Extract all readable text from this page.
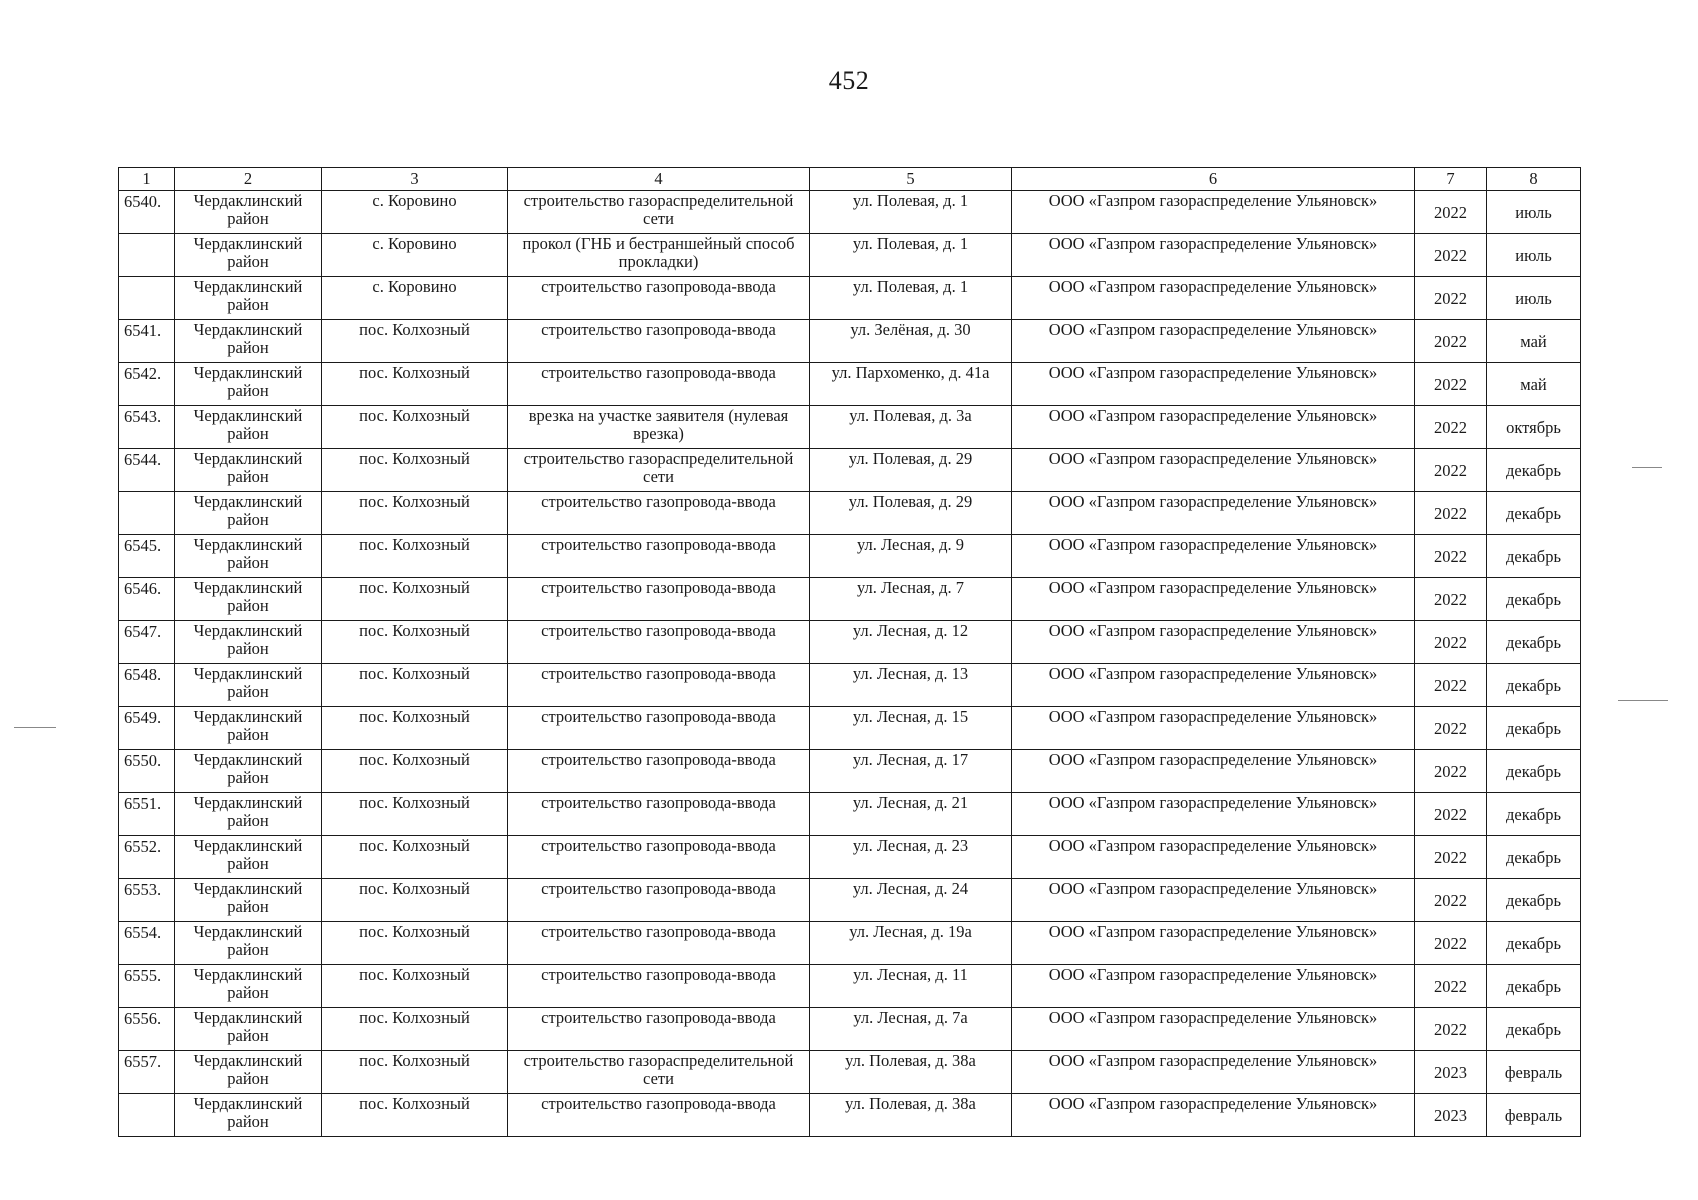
452
1	2	3	4	5	6	7	8
6540.	Чердаклинский район	с. Коровино	строительство газораспределительной сети	ул. Полевая, д. 1	ООО «Газпром газораспределение Ульяновск»	2022	июль
	Чердаклинский район	с. Коровино	прокол (ГНБ и бестраншейный способ прокладки)	ул. Полевая, д. 1	ООО «Газпром газораспределение Ульяновск»	2022	июль
	Чердаклинский район	с. Коровино	строительство газопровода-ввода	ул. Полевая, д. 1	ООО «Газпром газораспределение Ульяновск»	2022	июль
6541.	Чердаклинский район	пос. Колхозный	строительство газопровода-ввода	ул. Зелёная, д. 30	ООО «Газпром газораспределение Ульяновск»	2022	май
6542.	Чердаклинский район	пос. Колхозный	строительство газопровода-ввода	ул. Пархоменко, д. 41а	ООО «Газпром газораспределение Ульяновск»	2022	май
6543.	Чердаклинский район	пос. Колхозный	врезка на участке заявителя (нулевая врезка)	ул. Полевая, д. 3а	ООО «Газпром газораспределение Ульяновск»	2022	октябрь
6544.	Чердаклинский район	пос. Колхозный	строительство газораспределительной сети	ул. Полевая, д. 29	ООО «Газпром газораспределение Ульяновск»	2022	декабрь
	Чердаклинский район	пос. Колхозный	строительство газопровода-ввода	ул. Полевая, д. 29	ООО «Газпром газораспределение Ульяновск»	2022	декабрь
6545.	Чердаклинский район	пос. Колхозный	строительство газопровода-ввода	ул. Лесная, д. 9	ООО «Газпром газораспределение Ульяновск»	2022	декабрь
6546.	Чердаклинский район	пос. Колхозный	строительство газопровода-ввода	ул. Лесная, д. 7	ООО «Газпром газораспределение Ульяновск»	2022	декабрь
6547.	Чердаклинский район	пос. Колхозный	строительство газопровода-ввода	ул. Лесная, д. 12	ООО «Газпром газораспределение Ульяновск»	2022	декабрь
6548.	Чердаклинский район	пос. Колхозный	строительство газопровода-ввода	ул. Лесная, д. 13	ООО «Газпром газораспределение Ульяновск»	2022	декабрь
6549.	Чердаклинский район	пос. Колхозный	строительство газопровода-ввода	ул. Лесная, д. 15	ООО «Газпром газораспределение Ульяновск»	2022	декабрь
6550.	Чердаклинский район	пос. Колхозный	строительство газопровода-ввода	ул. Лесная, д. 17	ООО «Газпром газораспределение Ульяновск»	2022	декабрь
6551.	Чердаклинский район	пос. Колхозный	строительство газопровода-ввода	ул. Лесная, д. 21	ООО «Газпром газораспределение Ульяновск»	2022	декабрь
6552.	Чердаклинский район	пос. Колхозный	строительство газопровода-ввода	ул. Лесная, д. 23	ООО «Газпром газораспределение Ульяновск»	2022	декабрь
6553.	Чердаклинский район	пос. Колхозный	строительство газопровода-ввода	ул. Лесная, д. 24	ООО «Газпром газораспределение Ульяновск»	2022	декабрь
6554.	Чердаклинский район	пос. Колхозный	строительство газопровода-ввода	ул. Лесная, д. 19а	ООО «Газпром газораспределение Ульяновск»	2022	декабрь
6555.	Чердаклинский район	пос. Колхозный	строительство газопровода-ввода	ул. Лесная, д. 11	ООО «Газпром газораспределение Ульяновск»	2022	декабрь
6556.	Чердаклинский район	пос. Колхозный	строительство газопровода-ввода	ул. Лесная, д. 7а	ООО «Газпром газораспределение Ульяновск»	2022	декабрь
6557.	Чердаклинский район	пос. Колхозный	строительство газораспределительной сети	ул. Полевая, д. 38а	ООО «Газпром газораспределение Ульяновск»	2023	февраль
	Чердаклинский район	пос. Колхозный	строительство газопровода-ввода	ул. Полевая, д. 38а	ООО «Газпром газораспределение Ульяновск»	2023	февраль
